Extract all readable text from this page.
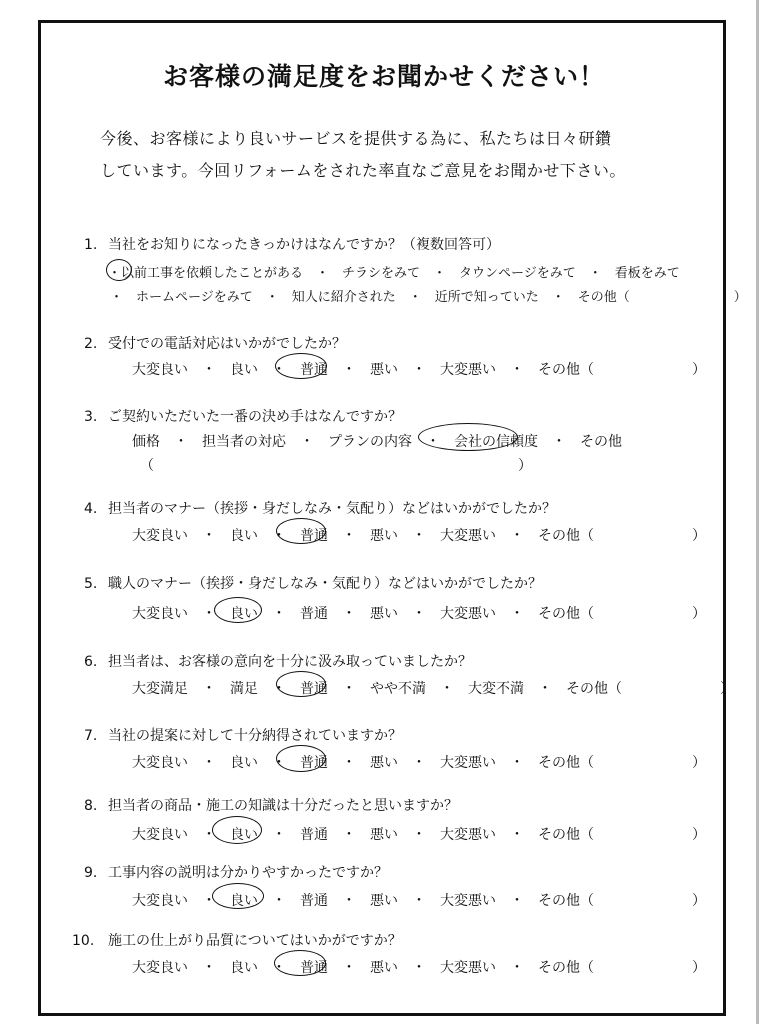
お客様の満足度をお聞かせください！
今後、お客様により良いサービスを提供する為に、私たちは日々研鑽
しています。今回リフォームをされた率直なご意見をお聞かせ下さい。
1. 当社をお知りになったきっかけはなんですか？（複数回答可）
・以前工事を依頼したことがある　・　チラシをみて　・　タウンページをみて　・　看板をみて
・　ホームページをみて　・　知人に紹介された　・　近所で知っていた　・　その他（　　　　　　　　）
2. 受付での電話対応はいかがでしたか？
大変良い　・　良い　・　普通　・　悪い　・　大変悪い　・　その他（　　　　　　　）
3. ご契約いただいた一番の決め手はなんですか？
価格　・　担当者の対応　・　プランの内容　・　会社の信頼度　・　その他
（　　　　　　　　　　　　　　　　　　　　　　　　　　）
4. 担当者のマナー（挨拶・身だしなみ・気配り）などはいかがでしたか？
大変良い　・　良い　・　普通　・　悪い　・　大変悪い　・　その他（　　　　　　　）
5. 職人のマナー（挨拶・身だしなみ・気配り）などはいかがでしたか？
大変良い　・　良い　・　普通　・　悪い　・　大変悪い　・　その他（　　　　　　　）
6. 担当者は、お客様の意向を十分に汲み取っていましたか？
大変満足　・　満足　・　普通　・　やや不満　・　大変不満　・　その他（　　　　　　　）
7. 当社の提案に対して十分納得されていますか？
大変良い　・　良い　・　普通　・　悪い　・　大変悪い　・　その他（　　　　　　　）
8. 担当者の商品・施工の知識は十分だったと思いますか？
大変良い　・　良い　・　普通　・　悪い　・　大変悪い　・　その他（　　　　　　　）
9. 工事内容の説明は分かりやすかったですか？
大変良い　・　良い　・　普通　・　悪い　・　大変悪い　・　その他（　　　　　　　）
10. 施工の仕上がり品質についてはいかがですか？
大変良い　・　良い　・　普通　・　悪い　・　大変悪い　・　その他（　　　　　　　）
